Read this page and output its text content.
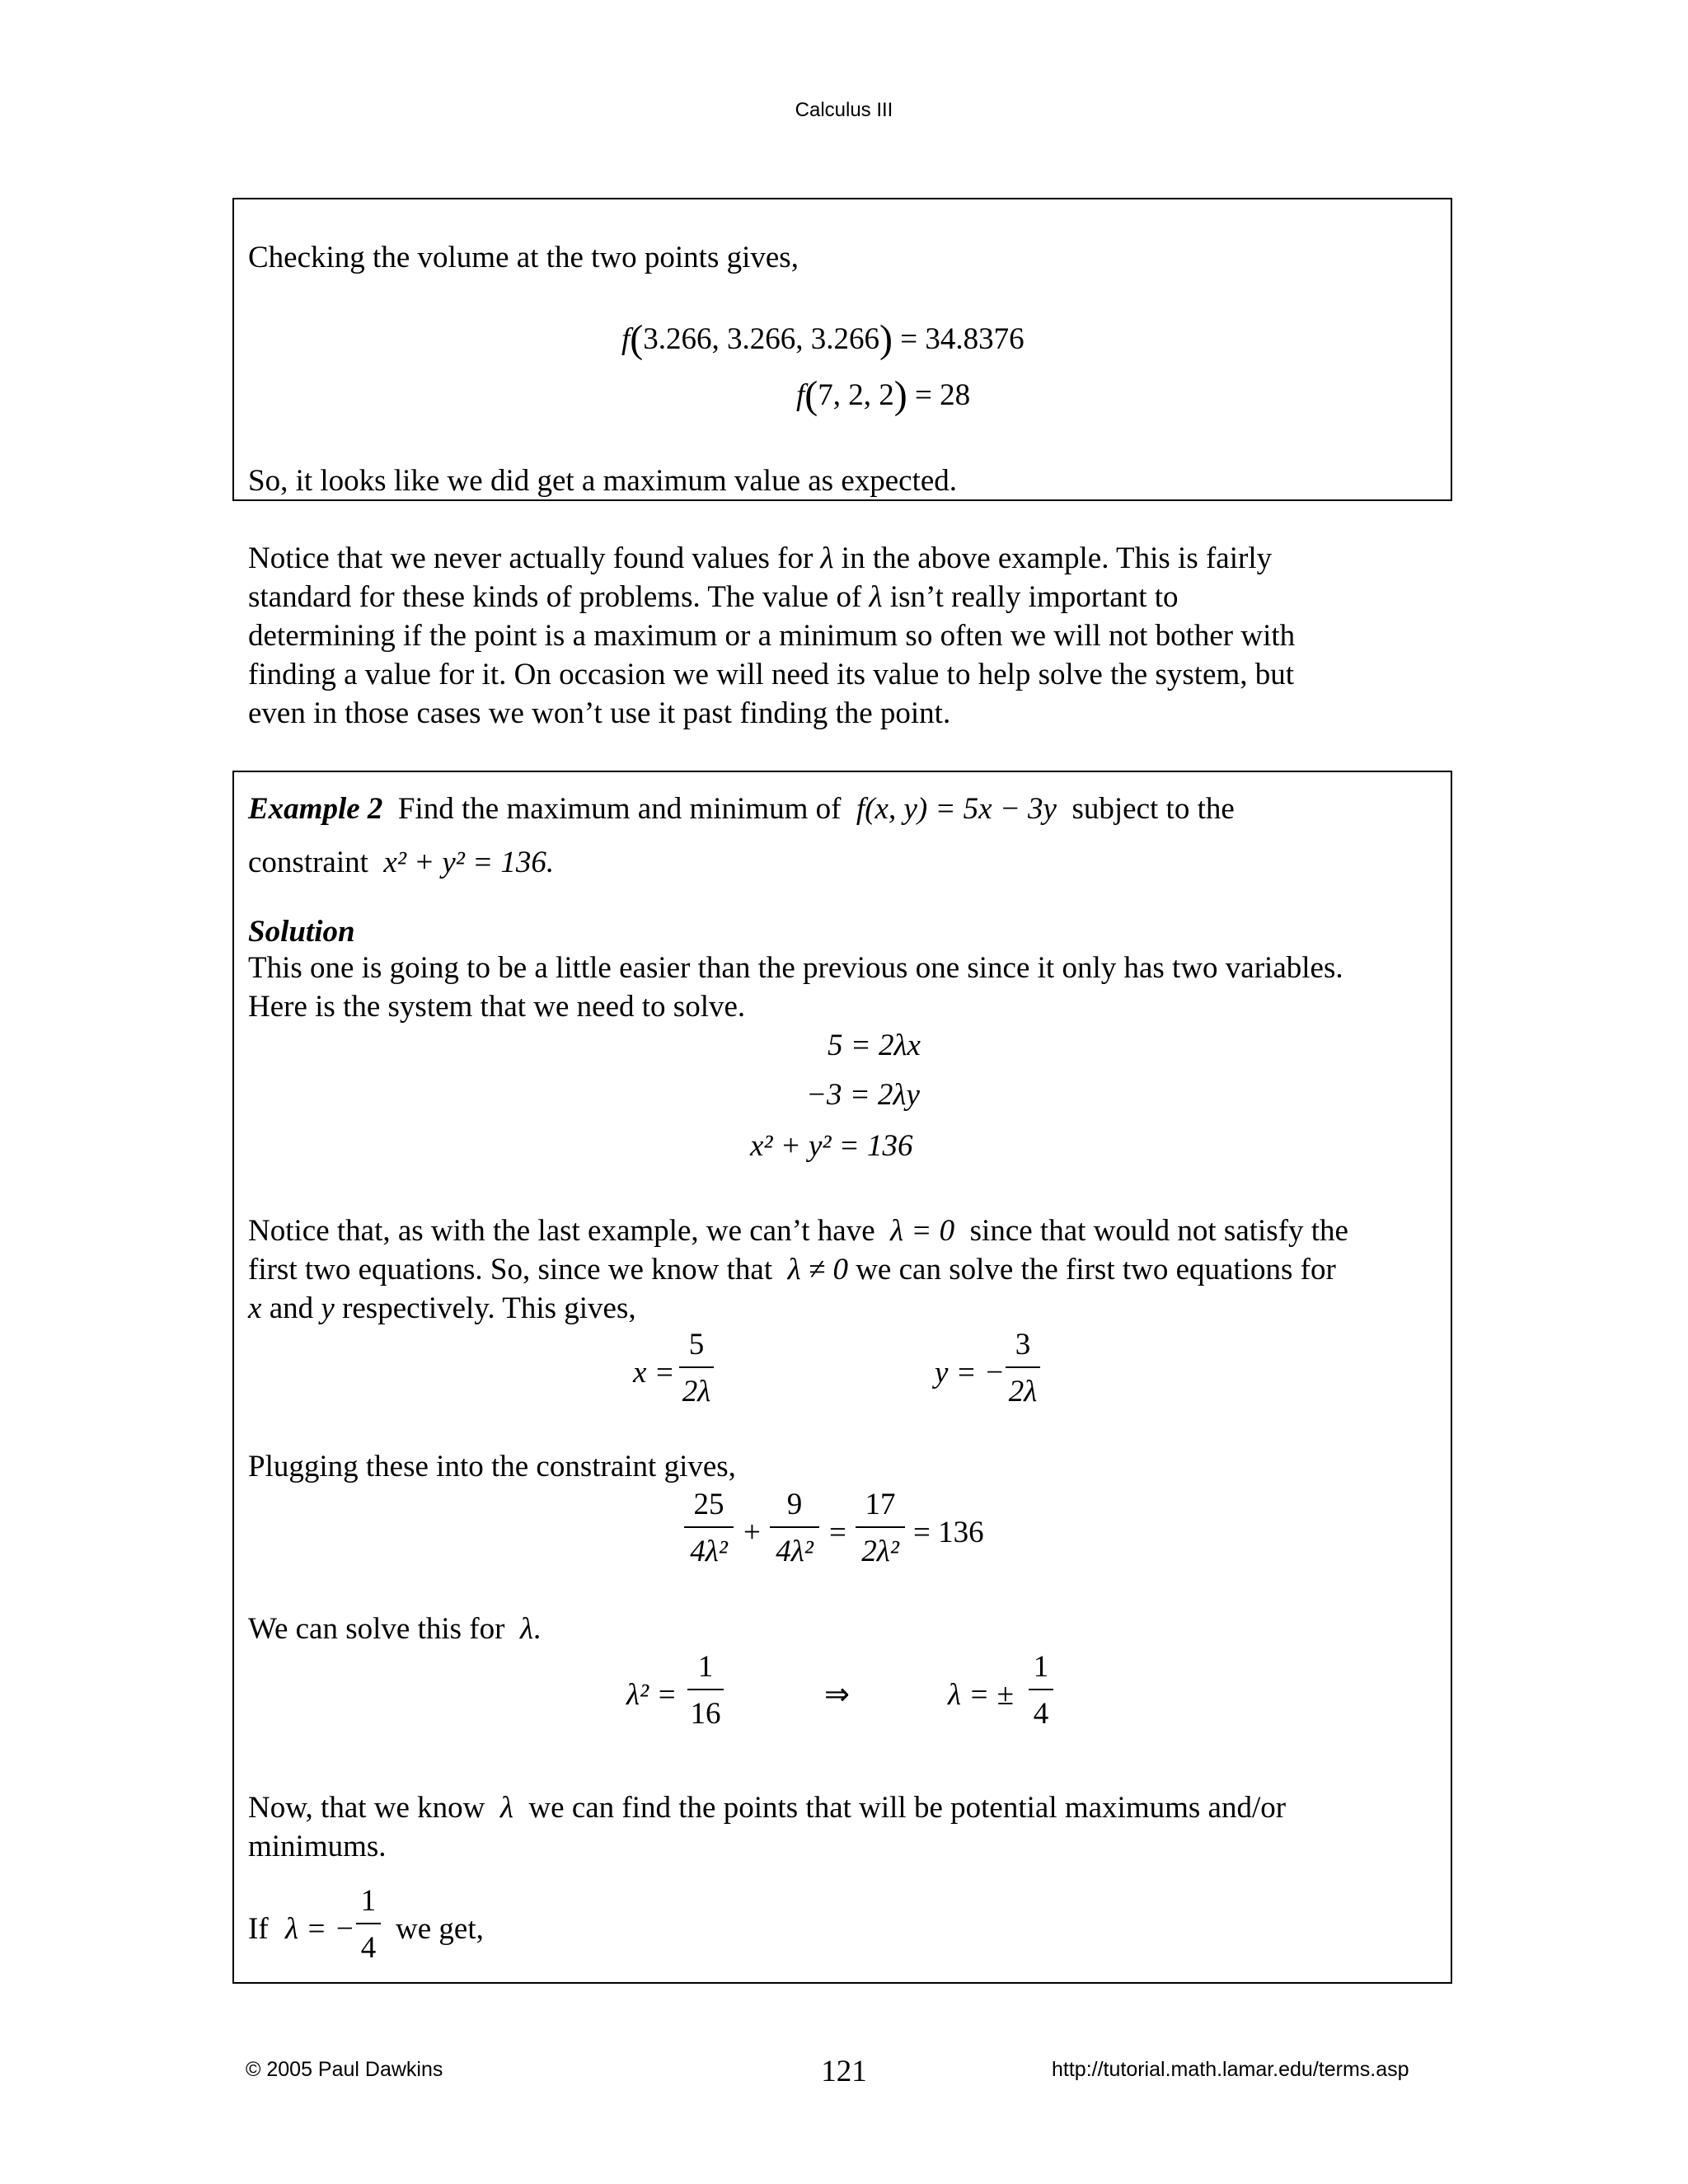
Calculus III
Checking the volume at the two points gives,
f(3.266, 3.266, 3.266) = 34.8376
f(7, 2, 2) = 28
So, it looks like we did get a maximum value as expected.
Notice that we never actually found values for λ in the above example. This is fairly
standard for these kinds of problems. The value of λ isn’t really important to
determining if the point is a maximum or a minimum so often we will not bother with
finding a value for it. On occasion we will need its value to help solve the system, but
even in those cases we won’t use it past finding the point.
Example 2 Find the maximum and minimum of f(x, y) = 5x − 3y subject to the
constraint x² + y² = 136.
Solution
This one is going to be a little easier than the previous one since it only has two variables.
Here is the system that we need to solve.
5 = 2λx
−3 = 2λy
x² + y² = 136
Notice that, as with the last example, we can’t have λ = 0 since that would not satisfy the
first two equations. So, since we know that λ ≠ 0 we can solve the first two equations for
x and y respectively. This gives,
x =
5
2λ
y = −
3
2λ
Plugging these into the constraint gives,
25
4λ²
+
9
4λ²
=
17
2λ²
= 136
We can solve this for λ.
λ² =
1
16
⇒	λ = ±
1
4
Now, that we know λ we can find the points that will be potential maximums and/or
minimums.
If λ = −
1
4
we get,
© 2005 Paul Dawkins	121	http://tutorial.math.lamar.edu/terms.asp
